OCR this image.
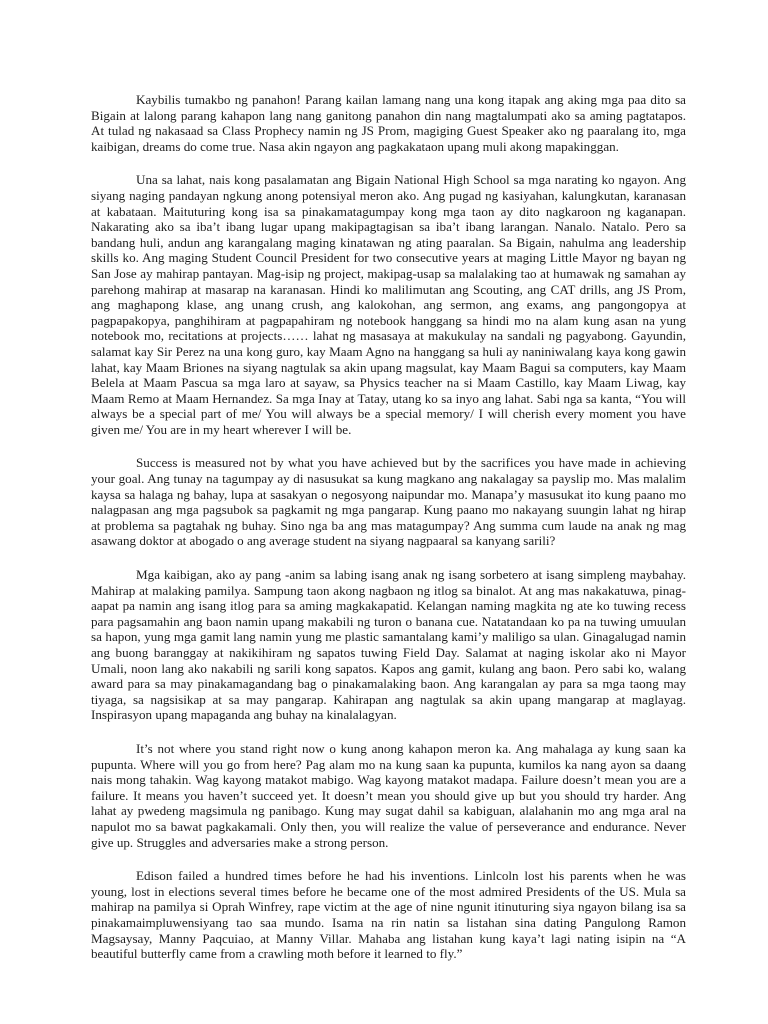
Kaybilis tumakbo ng panahon! Parang kailan lamang nang una kong itapak ang aking mga paa dito sa Bigain at lalong parang kahapon lang nang ganitong panahon din nang magtalumpati ako sa aming pagtatapos. At tulad ng nakasaad sa Class Prophecy namin ng JS Prom, magiging Guest Speaker ako ng paaralang ito, mga kaibigan, dreams do come true. Nasa akin ngayon ang pagkakataon upang muli akong mapakinggan.

Una sa lahat, nais kong pasalamatan ang Bigain National High School sa mga narating ko ngayon. Ang siyang naging pandayan ngkung anong potensiyal meron ako. Ang pugad ng kasiyahan, kalungkutan, karanasan at kabataan. Maituturing kong isa sa pinakamatagumpay kong mga taon ay dito nagkaroon ng kaganapan. Nakarating ako sa iba’t ibang lugar upang makipagtagisan sa iba’t ibang larangan. Nanalo. Natalo. Pero sa bandang huli, andun ang karangalang maging kinatawan ng ating paaralan. Sa Bigain, nahulma ang leadership skills ko. Ang maging Student Council President for two consecutive years at maging Little Mayor ng bayan ng San Jose ay mahirap pantayan. Mag-isip ng project, makipag-usap sa malalaking tao at humawak ng samahan ay parehong mahirap at masarap na karanasan. Hindi ko malilimutan ang Scouting, ang CAT drills, ang JS Prom, ang maghapong klase, ang unang crush, ang kalokohan, ang sermon, ang exams, ang pangongopya at pagpapakopya, panghihiram at pagpapahiram ng notebook hanggang sa hindi mo na alam kung asan na yung notebook mo, recitations at projects…… lahat ng masasaya at makukulay na sandali ng pagyabong. Gayundin, salamat kay Sir Perez na una kong guro, kay Maam Agno na hanggang sa huli ay naniniwalang kaya kong gawin lahat, kay Maam Briones na siyang nagtulak sa akin upang magsulat, kay Maam Bagui sa computers, kay Maam Belela at Maam Pascua sa mga laro at sayaw, sa Physics teacher na si Maam Castillo, kay Maam Liwag, kay Maam Remo at Maam Hernandez. Sa mga Inay at Tatay, utang ko sa inyo ang lahat. Sabi nga sa kanta, “You will always be a special part of me/ You will always be a special memory/ I will cherish every moment you have given me/ You are in my heart wherever I will be.

Success is measured not by what you have achieved but by the sacrifices you have made in achieving your goal. Ang tunay na tagumpay ay di nasusukat sa kung magkano ang nakalagay sa payslip mo. Mas malalim kaysa sa halaga ng bahay, lupa at sasakyan o negosyong naipundar mo. Manapa’y masusukat ito kung paano mo nalagpasan ang mga pagsubok sa pagkamit ng mga pangarap. Kung paano mo nakayang suungin lahat ng hirap at problema sa pagtahak ng buhay. Sino nga ba ang mas matagumpay? Ang summa cum laude na anak ng mag asawang doktor at abogado o ang average student na siyang nagpaaral sa kanyang sarili?

Mga kaibigan, ako ay pang -anim sa labing isang anak ng isang sorbetero at isang simpleng maybahay. Mahirap at malaking pamilya. Sampung taon akong nagbaon ng itlog sa binalot. At ang mas nakakatuwa, pinag-aapat pa namin ang isang itlog para sa aming magkakapatid. Kelangan naming magkita ng ate ko tuwing recess para pagsamahin ang baon namin upang makabili ng turon o banana cue. Natatandaan ko pa na tuwing umuulan sa hapon, yung mga gamit lang namin yung me plastic samantalang kami’y maliligo sa ulan. Ginagalugad namin ang buong baranggay at nakikihiram ng sapatos tuwing Field Day. Salamat at naging iskolar ako ni Mayor Umali, noon lang ako nakabili ng sarili kong sapatos. Kapos ang gamit, kulang ang baon. Pero sabi ko, walang award para sa may pinakamagandang bag o pinakamalaking baon. Ang karangalan ay para sa mga taong may tiyaga, sa nagsisikap at sa may pangarap. Kahirapan ang nagtulak sa akin upang mangarap at maglayag. Inspirasyon upang mapaganda ang buhay na kinalalagyan.

It’s not where you stand right now o kung anong kahapon meron ka. Ang mahalaga ay kung saan ka pupunta. Where will you go from here? Pag alam mo na kung saan ka pupunta, kumilos ka nang ayon sa daang nais mong tahakin. Wag kayong matakot mabigo. Wag kayong matakot madapa. Failure doesn’t mean you are a failure. It means you haven’t succeed yet. It doesn’t mean you should give up but you should try harder. Ang lahat ay pwedeng magsimula ng panibago. Kung may sugat dahil sa kabiguan, alalahanin mo ang mga aral na napulot mo sa bawat pagkakamali. Only then, you will realize the value of perseverance and endurance. Never give up. Struggles and adversaries make a strong person.

Edison failed a hundred times before he had his inventions. Linlcoln lost his parents when he was young, lost in elections several times before he became one of the most admired Presidents of the US. Mula sa mahirap na pamilya si Oprah Winfrey, rape victim at the age of nine ngunit itinuturing siya ngayon bilang isa sa pinakamaimpluwensiyang tao saa mundo. Isama na rin natin sa listahan sina dating Pangulong Ramon Magsaysay, Manny Paqcuiao, at Manny Villar. Mahaba ang listahan kung kaya’t lagi nating isipin na “A beautiful butterfly came from a crawling moth before it learned to fly.”
